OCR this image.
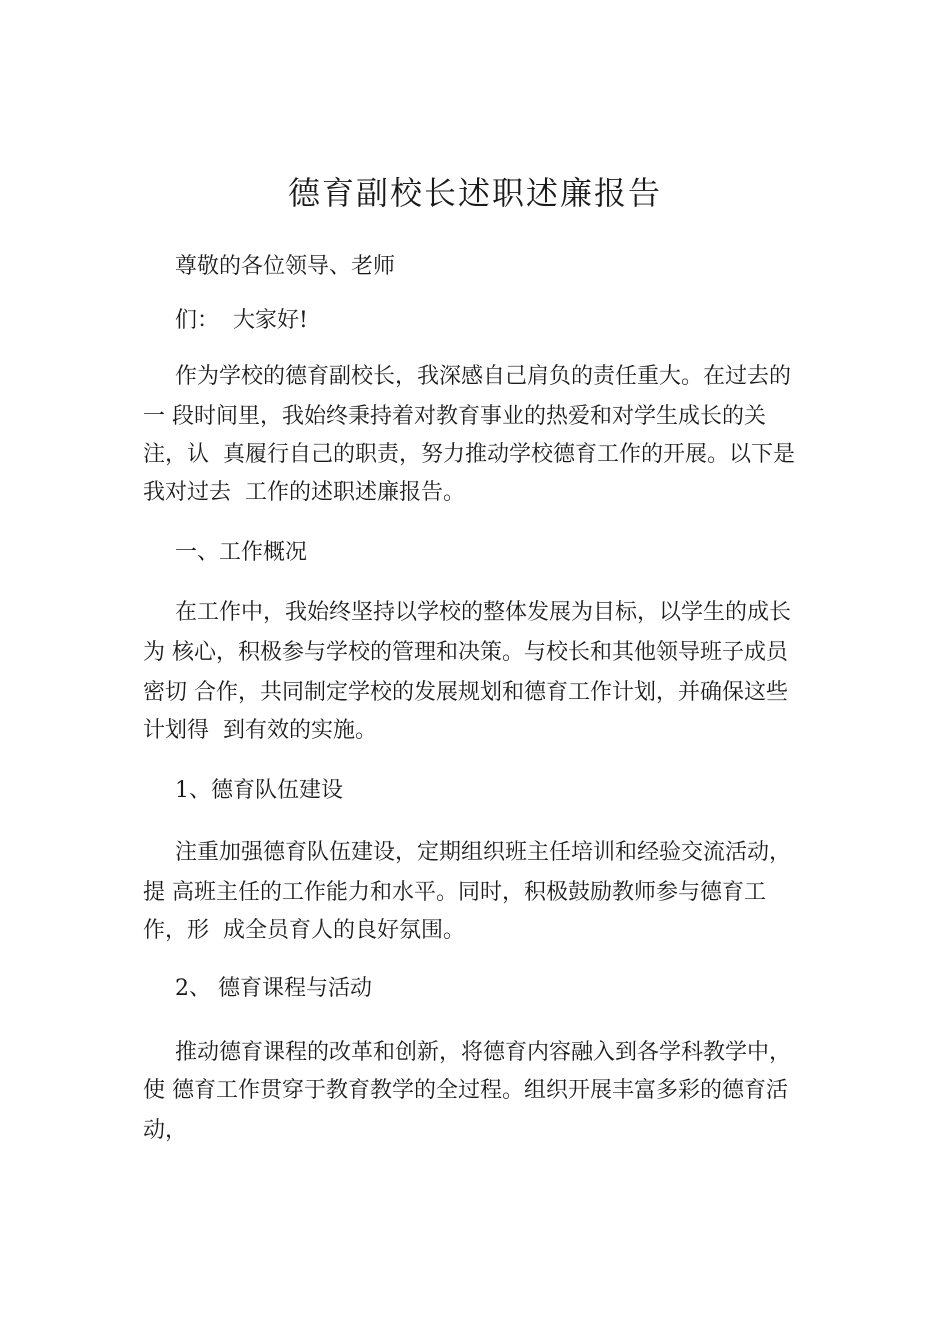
德育副校长述职述廉报告
尊敬的各位领导、老师
们：  大家好!
作为学校的德育副校长，我深感自己肩负的责任重大。在过去的
一 段时间里，我始终秉持着对教育事业的热爱和对学生成长的关
注，认  真履行自己的职责，努力推动学校德育工作的开展。以下是
我对过去  工作的述职述廉报告。
一、工作概况
在工作中，我始终坚持以学校的整体发展为目标，以学生的成长
为 核心，积极参与学校的管理和决策。与校长和其他领导班子成员
密切 合作，共同制定学校的发展规划和德育工作计划，并确保这些
计划得  到有效的实施。
1、德育队伍建设
注重加强德育队伍建设，定期组织班主任培训和经验交流活动，
提 高班主任的工作能力和水平。同时，积极鼓励教师参与德育工
作，形  成全员育人的良好氛围。
2、 德育课程与活动
推动德育课程的改革和创新，将德育内容融入到各学科教学中，
使 德育工作贯穿于教育教学的全过程。组织开展丰富多彩的德育活
动，
